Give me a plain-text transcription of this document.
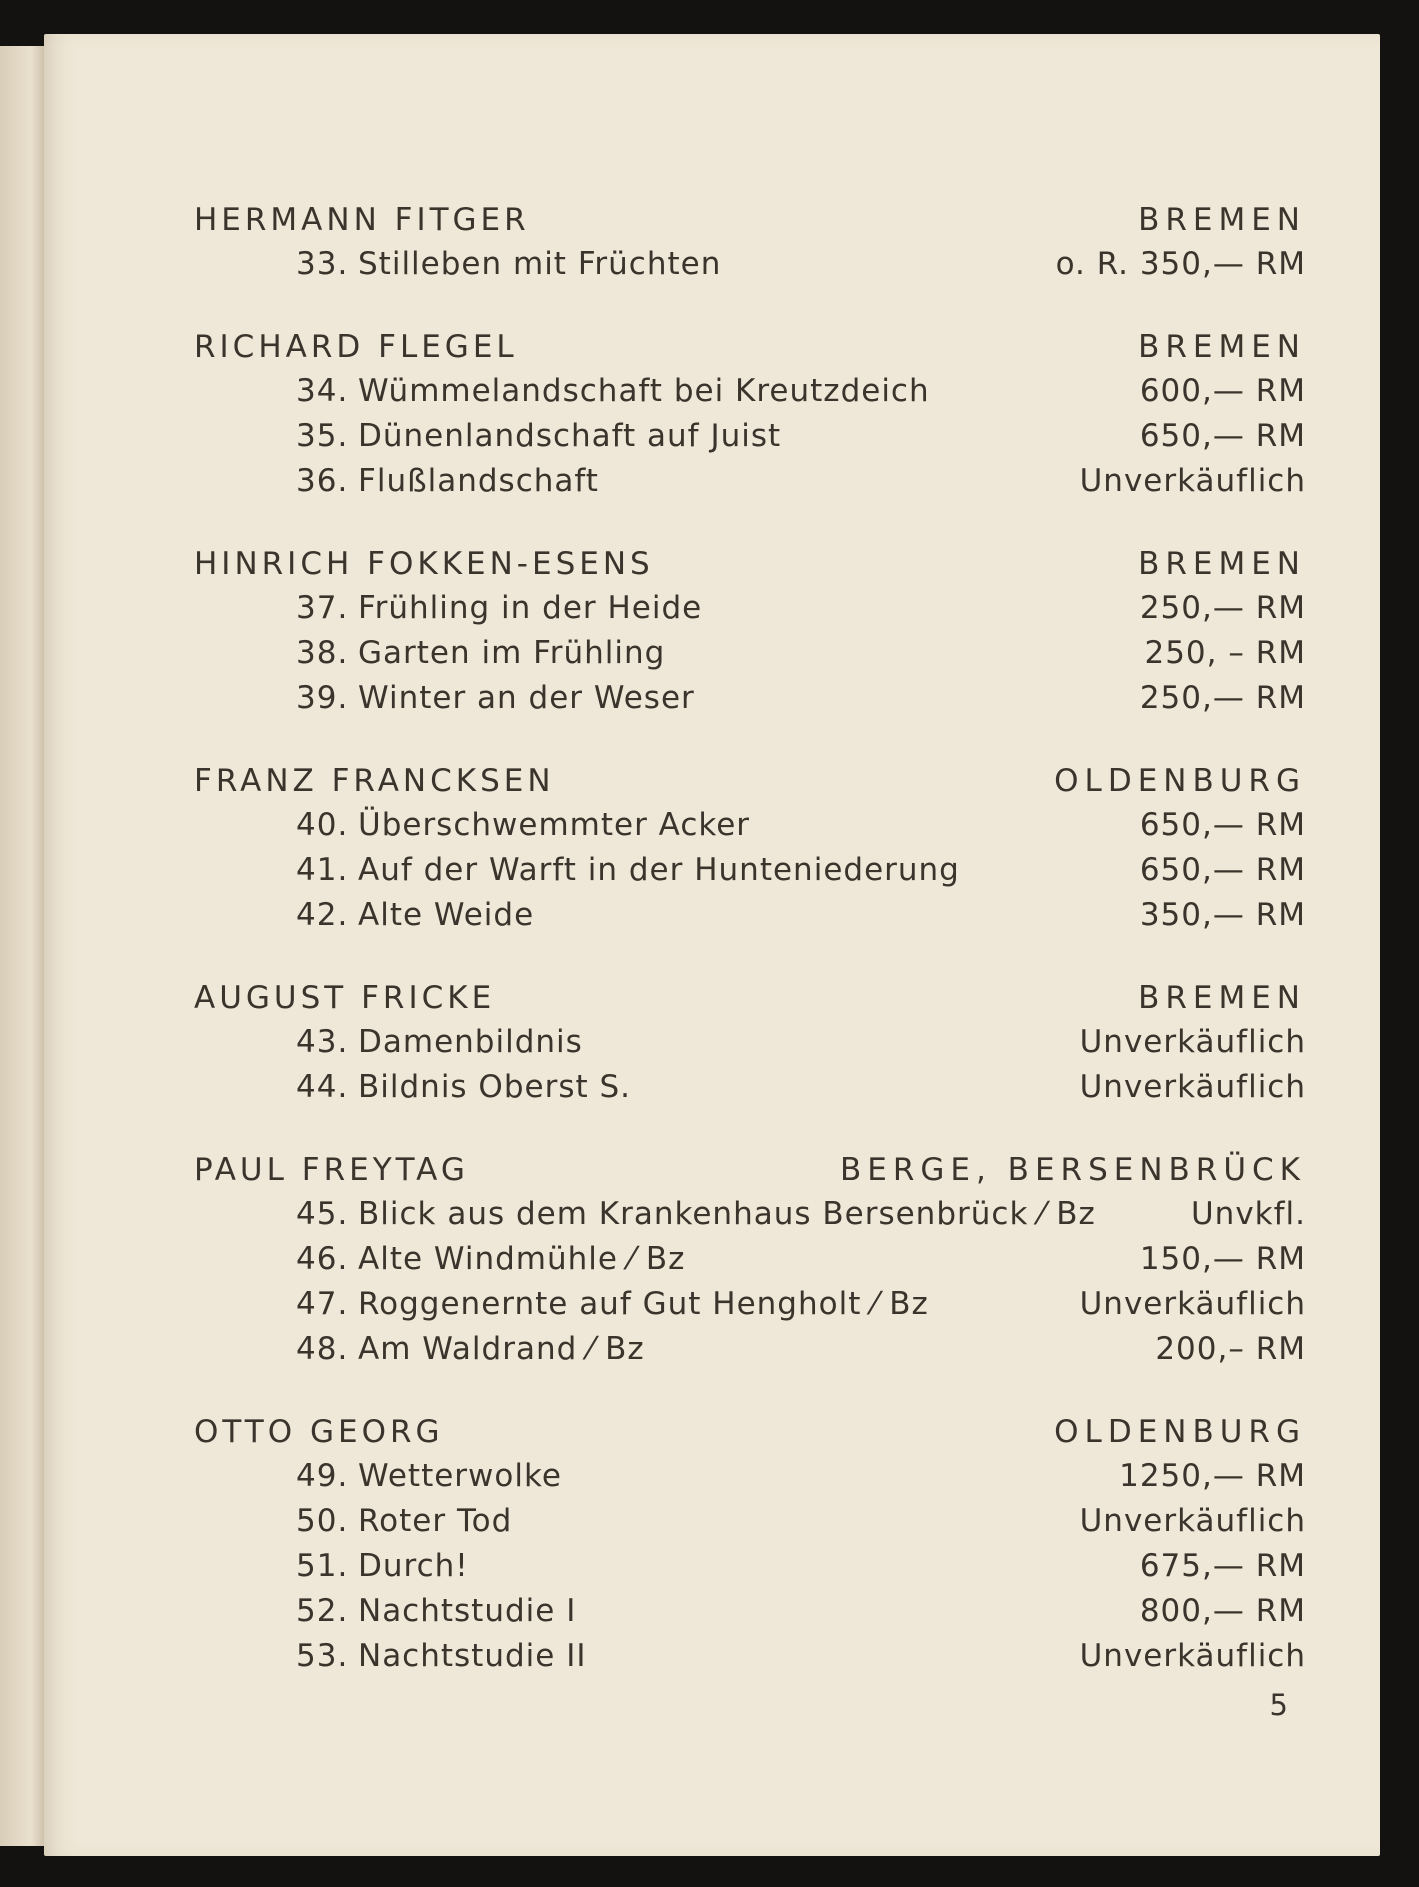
HERMANN FITGER	BREMEN
33. Stilleben mit Früchten	o. R. 350,— RM
RICHARD FLEGEL	BREMEN
34. Wümmelandschaft bei Kreutzdeich	600,— RM
35. Dünenlandschaft auf Juist	650,— RM
36. Flußlandschaft	Unverkäuflich
HINRICH FOKKEN-ESENS	BREMEN
37. Frühling in der Heide	250,— RM
38. Garten im Frühling	250, – RM
39. Winter an der Weser	250,— RM
FRANZ FRANCKSEN	OLDENBURG
40. Überschwemmter Acker	650,— RM
41. Auf der Warft in der Hunteniederung	650,— RM
42. Alte Weide	350,— RM
AUGUST FRICKE	BREMEN
43. Damenbildnis	Unverkäuflich
44. Bildnis Oberst S.	Unverkäuflich
PAUL FREYTAG	BERGE, BERSENBRÜCK
45. Blick aus dem Krankenhaus Bersenbrück ⁄ Bz	Unvkfl.
46. Alte Windmühle ⁄ Bz	150,— RM
47. Roggenernte auf Gut Hengholt ⁄ Bz	Unverkäuflich
48. Am Waldrand ⁄ Bz	200,– RM
OTTO GEORG	OLDENBURG
49. Wetterwolke	1250,— RM
50. Roter Tod	Unverkäuflich
51. Durch!	675,— RM
52. Nachtstudie I	800,— RM
53. Nachtstudie II	Unverkäuflich
5
